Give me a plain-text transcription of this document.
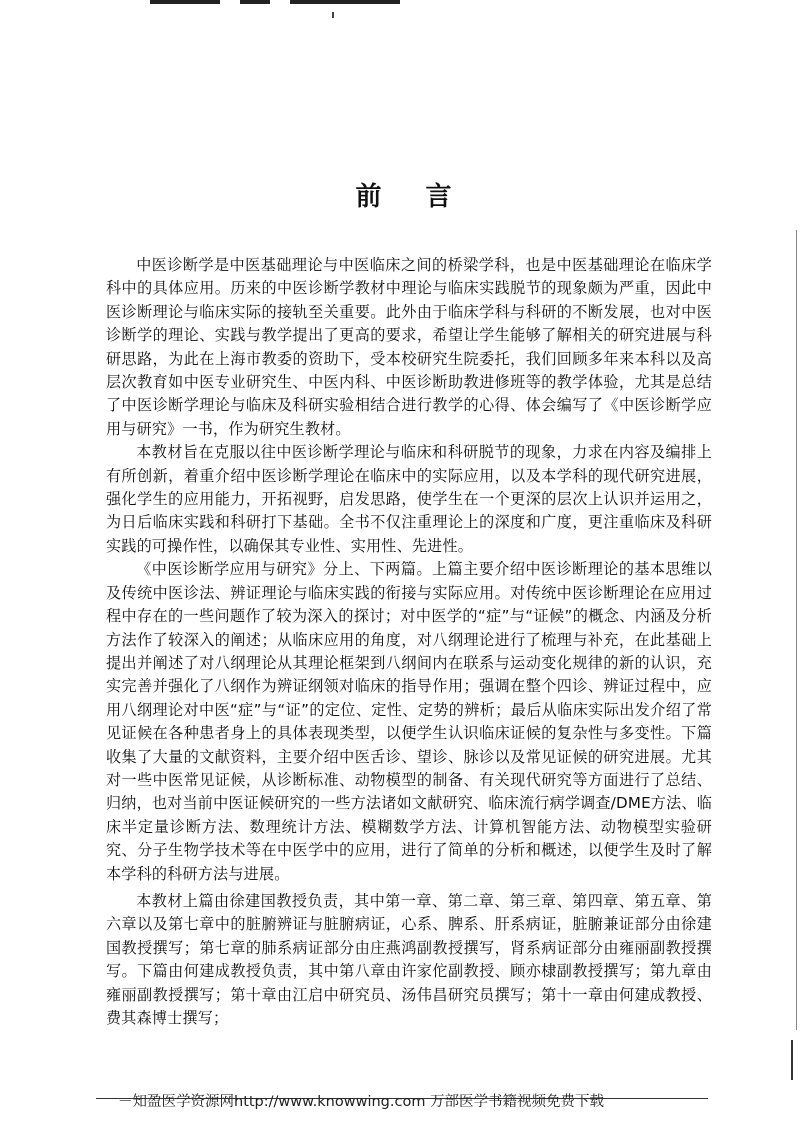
前言

中医诊断学是中医基础理论与中医临床之间的桥梁学科，也是中医基础理论在临床学科中的具体应用。历来的中医诊断学教材中理论与临床实践脱节的现象颇为严重，因此中医诊断理论与临床实际的接轨至关重要。此外由于临床学科与科研的不断发展，也对中医诊断学的理论、实践与教学提出了更高的要求，希望让学生能够了解相关的研究进展与科研思路，为此在上海市教委的资助下，受本校研究生院委托，我们回顾多年来本科以及高层次教育如中医专业研究生、中医内科、中医诊断助教进修班等的教学体验，尤其是总结了中医诊断学理论与临床及科研实验相结合进行教学的心得、体会编写了《中医诊断学应用与研究》一书，作为研究生教材。

本教材旨在克服以往中医诊断学理论与临床和科研脱节的现象，力求在内容及编排上有所创新，着重介绍中医诊断学理论在临床中的实际应用，以及本学科的现代研究进展，强化学生的应用能力，开拓视野，启发思路，使学生在一个更深的层次上认识并运用之，为日后临床实践和科研打下基础。全书不仅注重理论上的深度和广度，更注重临床及科研实践的可操作性，以确保其专业性、实用性、先进性。

《中医诊断学应用与研究》分上、下两篇。上篇主要介绍中医诊断理论的基本思维以及传统中医诊法、辨证理论与临床实践的衔接与实际应用。对传统中医诊断理论在应用过程中存在的一些问题作了较为深入的探讨；对中医学的“症”与“证候”的概念、内涵及分析方法作了较深入的阐述；从临床应用的角度，对八纲理论进行了梳理与补充，在此基础上提出并阐述了对八纲理论从其理论框架到八纲间内在联系与运动变化规律的新的认识，充实完善并强化了八纲作为辨证纲领对临床的指导作用；强调在整个四诊、辨证过程中，应用八纲理论对中医“症”与“证”的定位、定性、定势的辨析；最后从临床实际出发介绍了常见证候在各种患者身上的具体表现类型，以便学生认识临床证候的复杂性与多变性。下篇收集了大量的文献资料，主要介绍中医舌诊、望诊、脉诊以及常见证候的研究进展。尤其对一些中医常见证候，从诊断标准、动物模型的制备、有关现代研究等方面进行了总结、归纳，也对当前中医证候研究的一些方法诸如文献研究、临床流行病学调查/DME方法、临床半定量诊断方法、数理统计方法、模糊数学方法、计算机智能方法、动物模型实验研究、分子生物学技术等在中医学中的应用，进行了简单的分析和概述，以便学生及时了解本学科的科研方法与进展。

本教材上篇由徐建国教授负责，其中第一章、第二章、第三章、第四章、第五章、第六章以及第七章中的脏腑辨证与脏腑病证，心系、脾系、肝系病证，脏腑兼证部分由徐建国教授撰写；第七章的肺系病证部分由庄燕鸿副教授撰写，肾系病证部分由雍丽副教授撰写。下篇由何建成教授负责，其中第八章由许家佗副教授、顾亦棣副教授撰写；第九章由雍丽副教授撰写；第十章由江启中研究员、汤伟昌研究员撰写；第十一章由何建成教授、费其森博士撰写；

－知盈医学资源网http://www.knowwing.com 万部医学书籍视频免费下载
